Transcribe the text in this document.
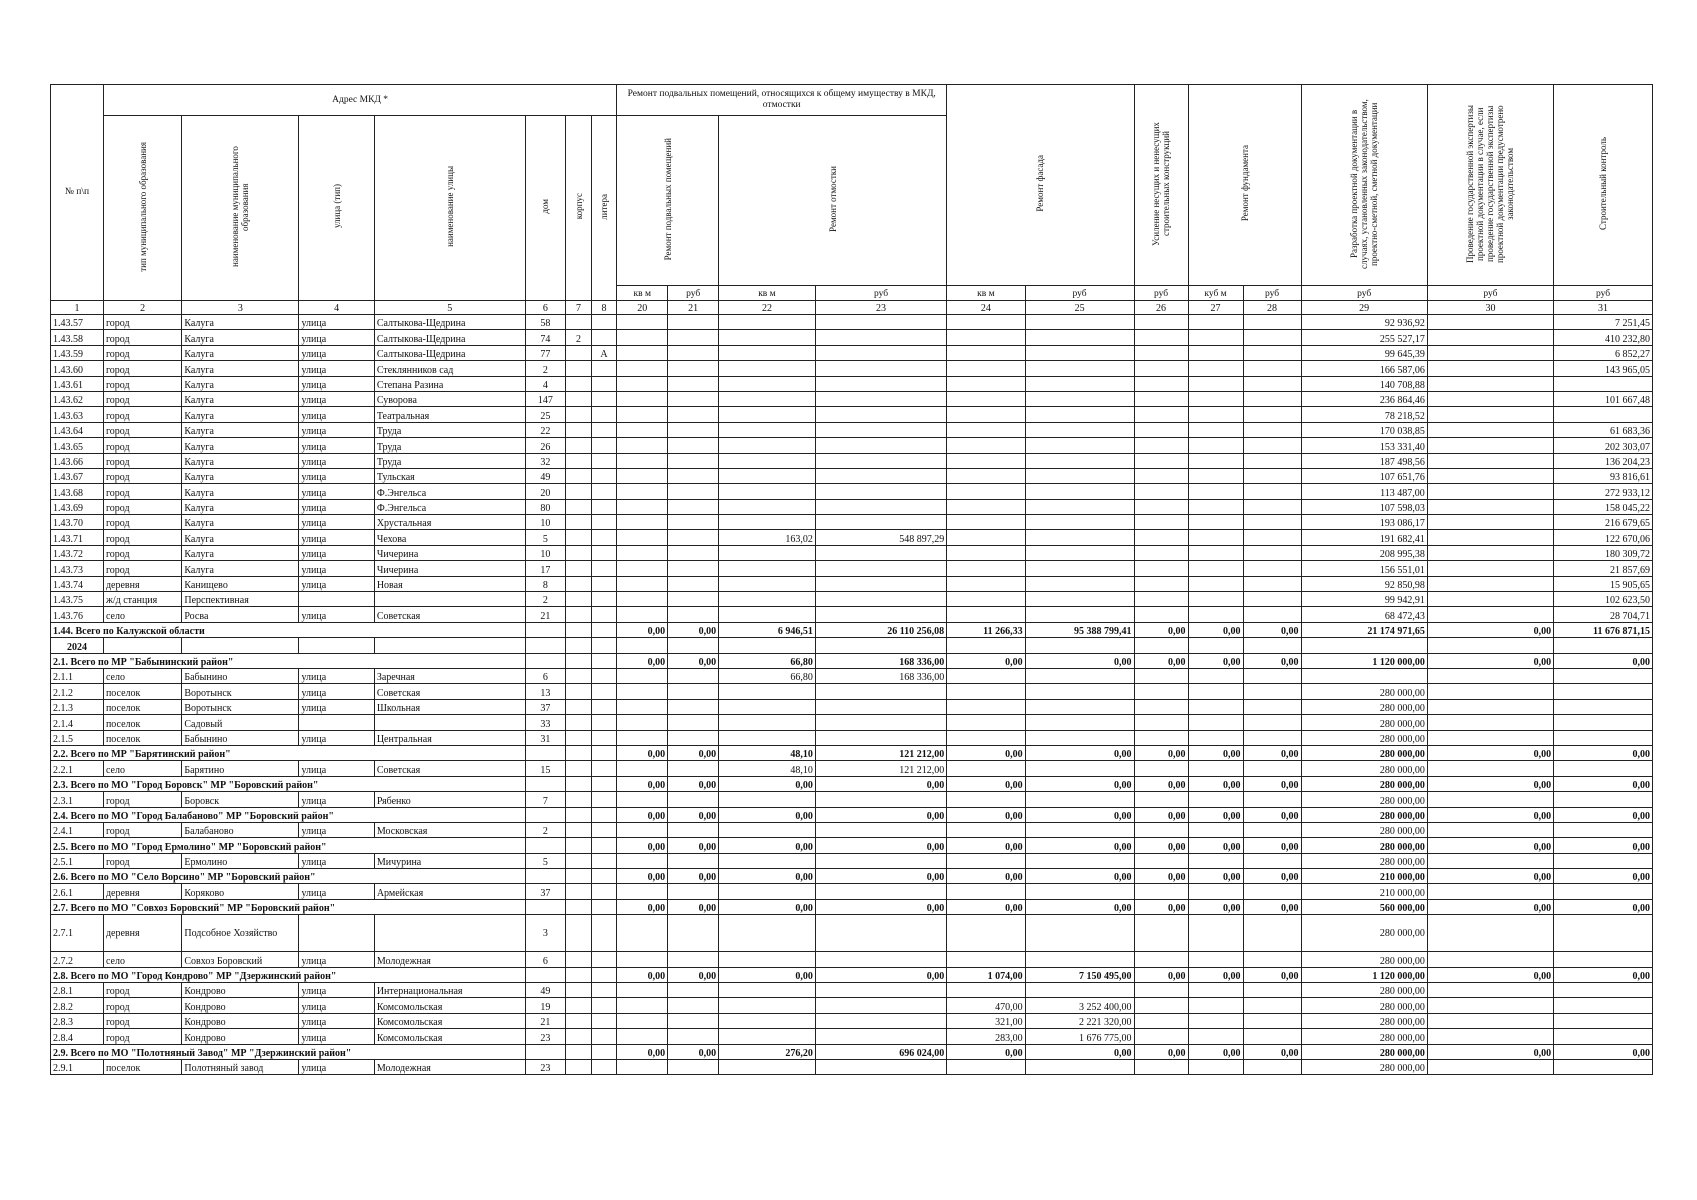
№ п\п	Адрес МКД *							Ремонт подвальных помещений, относящихся к общему имуществу в МКД, отмостки				Ремонт фасада		Усиление несущих и ненесущих строительных конструкций	Ремонт фундамента		Разработка проектной документации в случаях, установленных законодательством, проектно-сметной, сметной документации	Проведение государственной экспертизы проектной документации в случае, если проведение государственной экспертизы проектной документации предусмотрено законодательством	Строительный контроль
	тип муниципального образования	наименование муниципального образования	улица (тип)	наименование улицы	дом	корпус	литера	Ремонт подвальных помещений		Ремонт отмостки									
								кв м	руб	кв м	руб	кв м	руб	руб	куб м	руб	руб	руб	руб
1	2	3	4	5	6	7	8	20	21	22	23	24	25	26	27	28	29	30	31
1.43.57	город	Калуга	улица	Салтыкова-Щедрина	58												92 936,92		7 251,45
1.43.58	город	Калуга	улица	Салтыкова-Щедрина	74	2											255 527,17		410 232,80
1.43.59	город	Калуга	улица	Салтыкова-Щедрина	77		А										99 645,39		6 852,27
1.43.60	город	Калуга	улица	Стеклянников сад	2												166 587,06		143 965,05
1.43.61	город	Калуга	улица	Степана Разина	4												140 708,88		
1.43.62	город	Калуга	улица	Суворова	147												236 864,46		101 667,48
1.43.63	город	Калуга	улица	Театральная	25												78 218,52		
1.43.64	город	Калуга	улица	Труда	22												170 038,85		61 683,36
1.43.65	город	Калуга	улица	Труда	26												153 331,40		202 303,07
1.43.66	город	Калуга	улица	Труда	32												187 498,56		136 204,23
1.43.67	город	Калуга	улица	Тульская	49												107 651,76		93 816,61
1.43.68	город	Калуга	улица	Ф.Энгельса	20												113 487,00		272 933,12
1.43.69	город	Калуга	улица	Ф.Энгельса	80												107 598,03		158 045,22
1.43.70	город	Калуга	улица	Хрустальная	10												193 086,17		216 679,65
1.43.71	город	Калуга	улица	Чехова	5					163,02	548 897,29						191 682,41		122 670,06
1.43.72	город	Калуга	улица	Чичерина	10												208 995,38		180 309,72
1.43.73	город	Калуга	улица	Чичерина	17												156 551,01		21 857,69
1.43.74	деревня	Канищево	улица	Новая	8												92 850,98		15 905,65
1.43.75	ж/д станция	Перспективная			2												99 942,91		102 623,50
1.43.76	село	Росва	улица	Советская	21												68 472,43		28 704,71
1.44. Всего по Калужской области								0,00	0,00	6 946,51	26 110 256,08	11 266,33	95 388 799,41	0,00	0,00	0,00	21 174 971,65	0,00	11 676 871,15
2024																			
2.1. Всего по МР "Бабынинский район"								0,00	0,00	66,80	168 336,00	0,00	0,00	0,00	0,00	0,00	1 120 000,00	0,00	0,00
2.1.1	село	Бабынино	улица	Заречная	6					66,80	168 336,00								
2.1.2	поселок	Воротынск	улица	Советская	13												280 000,00		
2.1.3	поселок	Воротынск	улица	Школьная	37												280 000,00		
2.1.4	поселок	Садовый			33												280 000,00		
2.1.5	поселок	Бабынино	улица	Центральная	31												280 000,00		
2.2. Всего по МР "Барятинский район"								0,00	0,00	48,10	121 212,00	0,00	0,00	0,00	0,00	0,00	280 000,00	0,00	0,00
2.2.1	село	Барятино	улица	Советская	15					48,10	121 212,00						280 000,00		
2.3. Всего по МО "Город Боровск" МР "Боровский район"								0,00	0,00	0,00	0,00	0,00	0,00	0,00	0,00	0,00	280 000,00	0,00	0,00
2.3.1	город	Боровск	улица	Рябенко	7												280 000,00		
2.4. Всего по МО "Город Балабаново" МР "Боровский район"								0,00	0,00	0,00	0,00	0,00	0,00	0,00	0,00	0,00	280 000,00	0,00	0,00
2.4.1	город	Балабаново	улица	Московская	2												280 000,00		
2.5. Всего по МО "Город Ермолино" МР "Боровский район"								0,00	0,00	0,00	0,00	0,00	0,00	0,00	0,00	0,00	280 000,00	0,00	0,00
2.5.1	город	Ермолино	улица	Мичурина	5												280 000,00		
2.6. Всего по МО "Село Ворсино" МР "Боровский район"								0,00	0,00	0,00	0,00	0,00	0,00	0,00	0,00	0,00	210 000,00	0,00	0,00
2.6.1	деревня	Коряково	улица	Армейская	37												210 000,00		
2.7. Всего по МО "Совхоз Боровский" МР "Боровский район"								0,00	0,00	0,00	0,00	0,00	0,00	0,00	0,00	0,00	560 000,00	0,00	0,00
2.7.1	деревня	Подсобное Хозяйство			3												280 000,00		
2.7.2	село	Совхоз Боровский	улица	Молодежная	6												280 000,00		
2.8. Всего по МО "Город Кондрово" МР "Дзержинский район"								0,00	0,00	0,00	0,00	1 074,00	7 150 495,00	0,00	0,00	0,00	1 120 000,00	0,00	0,00
2.8.1	город	Кондрово	улица	Интернациональная	49												280 000,00		
2.8.2	город	Кондрово	улица	Комсомольская	19							470,00	3 252 400,00				280 000,00		
2.8.3	город	Кондрово	улица	Комсомольская	21							321,00	2 221 320,00				280 000,00		
2.8.4	город	Кондрово	улица	Комсомольская	23							283,00	1 676 775,00				280 000,00		
2.9. Всего по МО "Полотняный Завод" МР "Дзержинский район"								0,00	0,00	276,20	696 024,00	0,00	0,00	0,00	0,00	0,00	280 000,00	0,00	0,00
2.9.1	поселок	Полотняный завод	улица	Молодежная	23												280 000,00		
